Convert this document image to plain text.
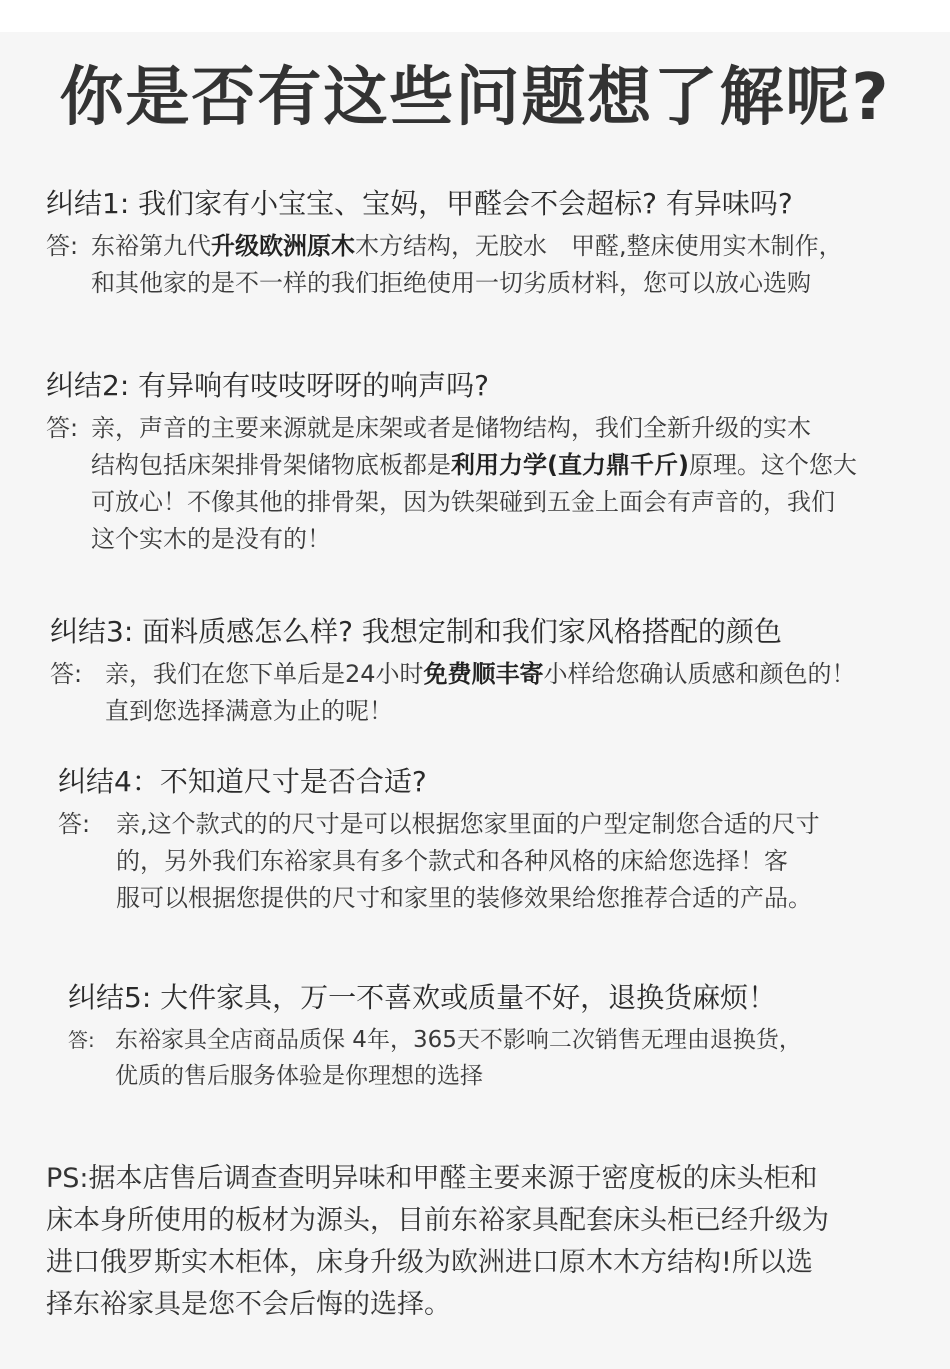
你是否有这些问题想了解呢?

纠结1: 我们家有小宝宝、宝妈，甲醛会不会超标? 有异味吗?

答: 东裕第九代升级欧洲原木木方结构，无胶水　甲醛,整床使用实木制作，
和其他家的是不一样的我们拒绝使用一切劣质材料，您可以放心选购

纠结2: 有异响有吱吱呀呀的响声吗?

答: 亲，声音的主要来源就是床架或者是储物结构，我们全新升级的实木
结构包括床架排骨架储物底板都是利用力学(直力鼎千斤)原理。这个您大
可放心！不像其他的排骨架，因为铁架碰到五金上面会有声音的，我们
这个实木的是没有的！

纠结3: 面料质感怎么样? 我想定制和我们家风格搭配的颜色

答: 亲，我们在您下单后是24小时免费顺丰寄小样给您确认质感和颜色的！
直到您选择满意为止的呢！

纠结4：不知道尺寸是否合适?

答: 亲,这个款式的的尺寸是可以根据您家里面的户型定制您合适的尺寸
的，另外我们东裕家具有多个款式和各种风格的床給您选择！客
服可以根据您提供的尺寸和家里的装修效果给您推荐合适的产品。

纠结5: 大件家具，万一不喜欢或质量不好，退换货麻烦！

答: 东裕家具全店商品质保 4年，365天不影响二次销售无理由退换货，
优质的售后服务体验是你理想的选择
PS:据本店售后调查查明异味和甲醛主要来源于密度板的床头柜和
床本身所使用的板材为源头，目前东裕家具配套床头柜已经升级为
进口俄罗斯实木柜体，床身升级为欧洲进口原木木方结构!所以选
择东裕家具是您不会后悔的选择。
